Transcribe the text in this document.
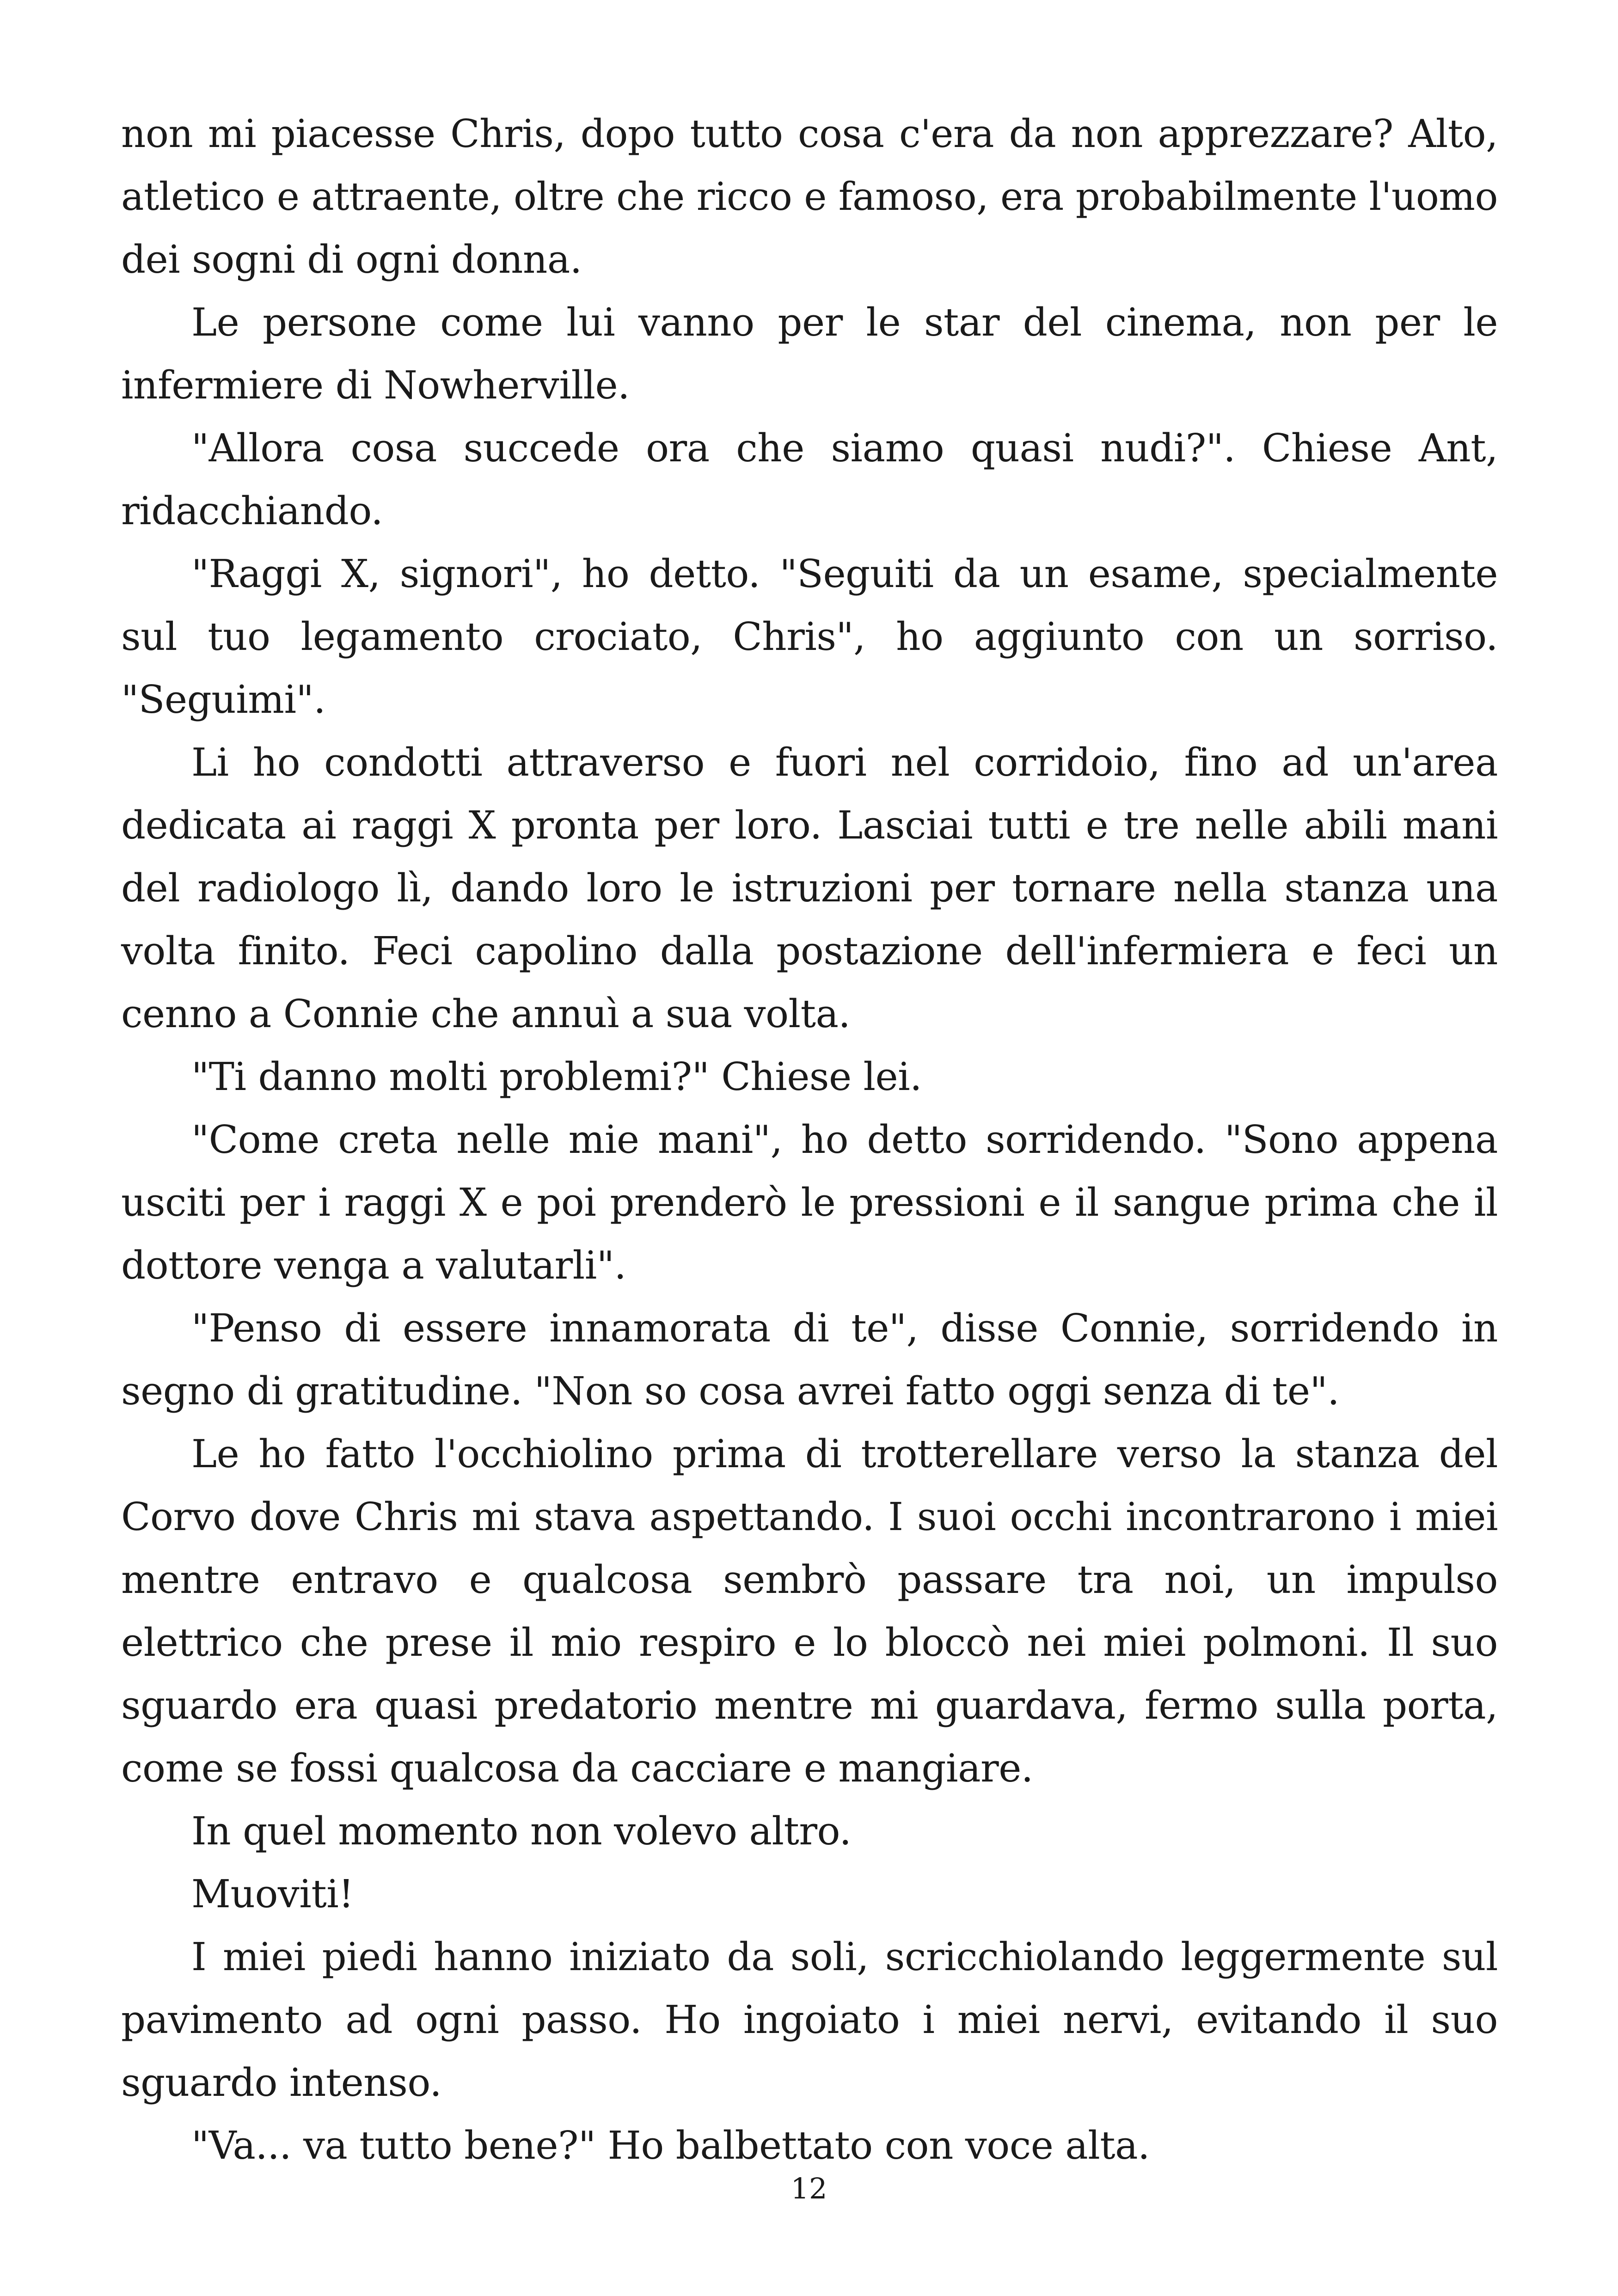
non mi piacesse Chris, dopo tutto cosa c'era da non apprezzare? Alto, atletico e attraente, oltre che ricco e famoso, era probabilmente l'uomo dei sogni di ogni donna.

Le persone come lui vanno per le star del cinema, non per le infermiere di Nowherville.

"Allora cosa succede ora che siamo quasi nudi?". Chiese Ant, ridacchiando.

"Raggi X, signori", ho detto. "Seguiti da un esame, specialmente sul tuo legamento crociato, Chris", ho aggiunto con un sorriso. "Seguimi".

Li ho condotti attraverso e fuori nel corridoio, fino ad un'area dedicata ai raggi X pronta per loro. Lasciai tutti e tre nelle abili mani del radiologo lì, dando loro le istruzioni per tornare nella stanza una volta finito. Feci capolino dalla postazione dell'infermiera e feci un cenno a Connie che annuì a sua volta.

"Ti danno molti problemi?" Chiese lei.

"Come creta nelle mie mani", ho detto sorridendo. "Sono appena usciti per i raggi X e poi prenderò le pressioni e il sangue prima che il dottore venga a valutarli".

"Penso di essere innamorata di te", disse Connie, sorridendo in segno di gratitudine. "Non so cosa avrei fatto oggi senza di te".

Le ho fatto l'occhiolino prima di trotterellare verso la stanza del Corvo dove Chris mi stava aspettando. I suoi occhi incontrarono i miei mentre entravo e qualcosa sembrò passare tra noi, un impulso elettrico che prese il mio respiro e lo bloccò nei miei polmoni. Il suo sguardo era quasi predatorio mentre mi guardava, fermo sulla porta, come se fossi qualcosa da cacciare e mangiare.

In quel momento non volevo altro.

Muoviti!

I miei piedi hanno iniziato da soli, scricchiolando leggermente sul pavimento ad ogni passo. Ho ingoiato i miei nervi, evitando il suo sguardo intenso.

"Va... va tutto bene?" Ho balbettato con voce alta.

12
